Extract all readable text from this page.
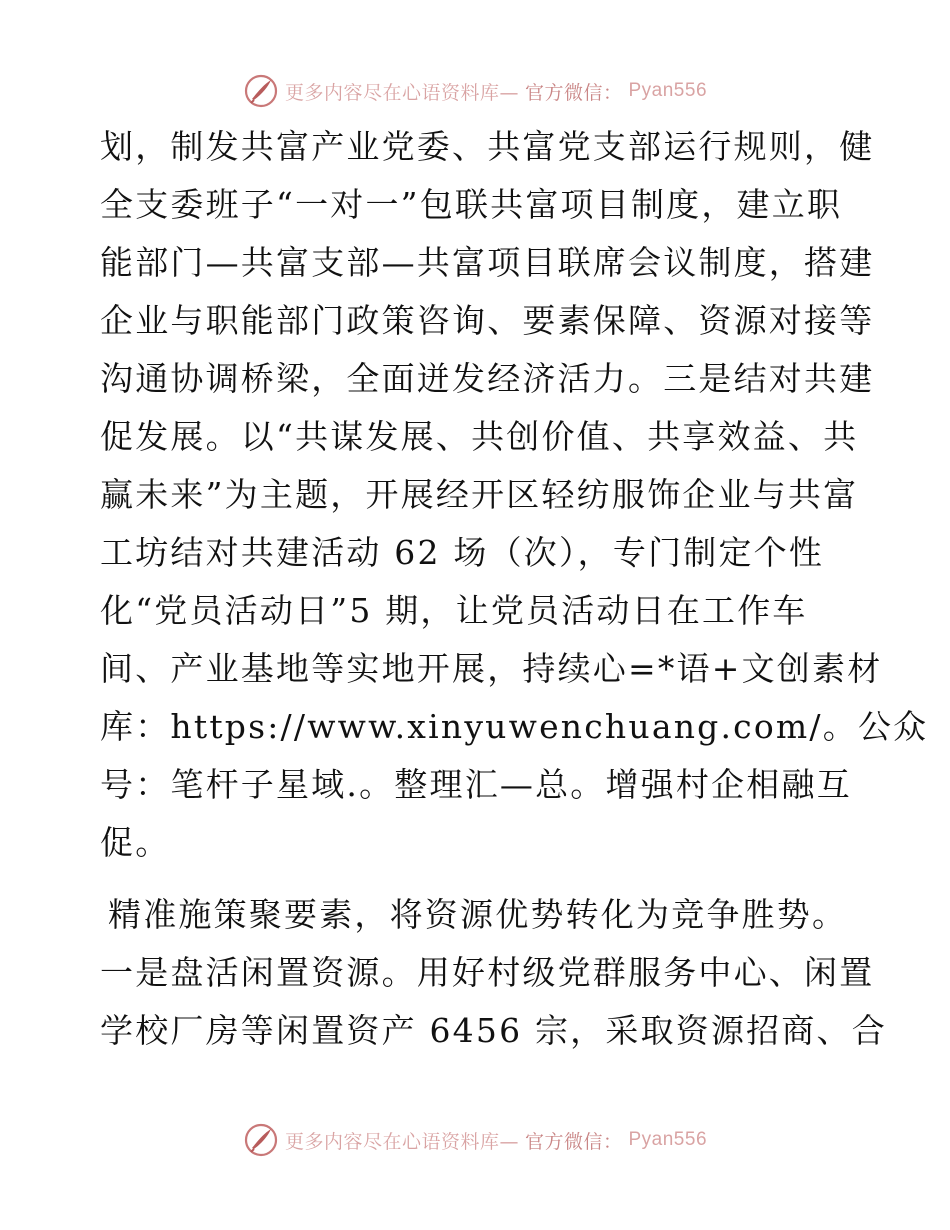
更多内容尽在心语资料库— 官方微信： Pyan556
划，制发共富产业党委、共富党支部运行规则，健
全支委班子“一对一”包联共富项目制度，建立职
能部门—共富支部—共富项目联席会议制度，搭建
企业与职能部门政策咨询、要素保障、资源对接等
沟通协调桥梁，全面迸发经济活力。三是结对共建
促发展。以“共谋发展、共创价值、共享效益、共
赢未来”为主题，开展经开区轻纺服饰企业与共富
工坊结对共建活动 62 场（次），专门制定个性
化“党员活动日”5 期，让党员活动日在工作车
间、产业基地等实地开展，持续心=*语+文创素材
库：https://www.xinyuwenchuang.com/。公众
号：笔杆子星域.。整理汇—总。增强村企相融互
促。
精准施策聚要素，将资源优势转化为竞争胜势。
一是盘活闲置资源。用好村级党群服务中心、闲置
学校厂房等闲置资产 6456 宗，采取资源招商、合
更多内容尽在心语资料库— 官方微信： Pyan556
